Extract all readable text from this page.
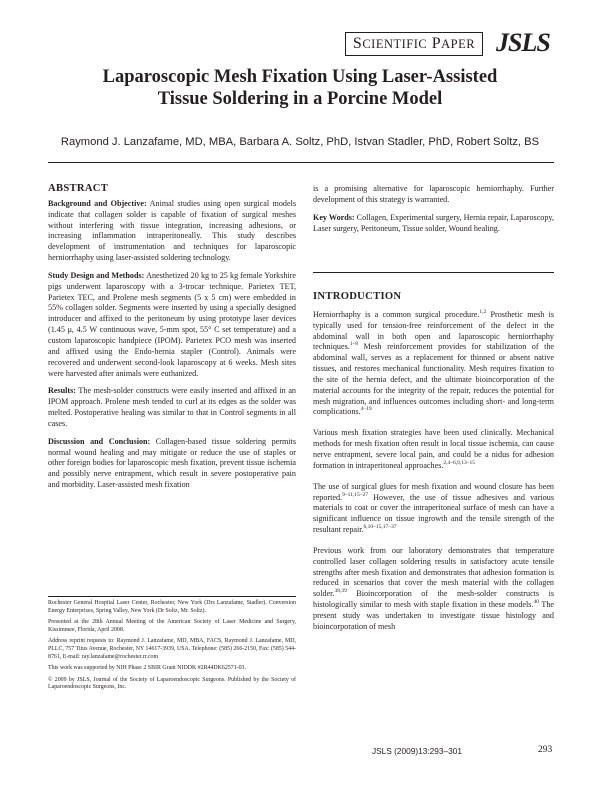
SCIENTIFIC PAPER JSLS
Laparoscopic Mesh Fixation Using Laser-Assisted
Tissue Soldering in a Porcine Model
Raymond J. Lanzafame, MD, MBA, Barbara A. Soltz, PhD, Istvan Stadler, PhD, Robert Soltz, BS
ABSTRACT

Background and Objective: Animal studies using open surgical models indicate that collagen solder is capable of fixation of surgical meshes without interfering with tissue integration, increasing adhesions, or increasing inflammation intraperitoneally. This study describes development of instrumentation and techniques for laparoscopic herniorrhaphy using laser-assisted soldering technology.

Study Design and Methods: Anesthetized 20 kg to 25 kg female Yorkshire pigs underwent laparoscopy with a 3-trocar technique. Parietex TET, Parietex TEC, and Prolene mesh segments (5 x 5 cm) were embedded in 55% collagen solder. Segments were inserted by using a specially designed introducer and affixed to the peritoneum by using prototype laser devices (1.45 μ, 4.5 W continuous wave, 5-mm spot, 55° C set temperature) and a custom laparoscopic handpiece (IPOM). Parietex PCO mesh was inserted and affixed using the Endo-hernia stapler (Control). Animals were recovered and underwent second-look laparoscopy at 6 weeks. Mesh sites were harvested after animals were euthanized.

Results: The mesh-solder constructs were easily inserted and affixed in an IPOM approach. Prolene mesh tended to curl at its edges as the solder was melted. Postoperative healing was similar to that in Control segments in all cases.

Discussion and Conclusion: Collagen-based tissue soldering permits normal wound healing and may mitigate or reduce the use of staples or other foreign bodies for laparoscopic mesh fixation, prevent tissue ischemia and possibly nerve entrapment, which result in severe postoperative pain and morbidity. Laser-assisted mesh fixation

Rochester General Hospital Laser Center, Rochester, New York (Drs Lanzafame, Stadler). Conversion Energy Enterprises, Spring Valley, New York (Dr Soltz, Mr. Soltz).

Presented at the 28th Annual Meeting of the American Society of Laser Medicine and Surgery, Kissimmee, Florida, April 2008.

Address reprint requests to: Raymond J. Lanzafame, MD, MBA, FACS, Raymond J. Lanzafame, MD, PLLC, 757 Titus Avenue, Rochester, NY 14617-3939, USA. Telephone: (585) 266-2150, Fax: (585) 544-8761, E-mail: ray.lanzafame@rochester.rr.com

This work was supported by NIH Phase 2 SBIR Grant NIDDK #2R44DK62571-03.

© 2009 by JSLS, Journal of the Society of Laparoendoscopic Surgeons. Published by the Society of Laparoendoscopic Surgeons, Inc.

is a promising alternative for laparoscopic herniorrhaphy. Further development of this strategy is warranted.

Key Words: Collagen, Experimental surgery, Hernia repair, Laparoscopy, Laser surgery, Peritoneum, Tissue solder, Wound healing.

INTRODUCTION

Herniorrhaphy is a common surgical procedure.$^{1,2}$ Prosthetic mesh is typically used for tension-free reinforcement of the defect in the abdominal wall in both open and laparoscopic herniorrhaphy techniques.$^{1-8}$ Mesh reinforcement provides for stabilization of the abdominal wall, serves as a replacement for thinned or absent native tissues, and restores mechanical functionality. Mesh requires fixation to the site of the hernia defect, and the ultimate bioincorporation of the material accounts for the integrity of the repair, reduces the potential for mesh migration, and influences outcomes including short- and long-term complications.$^{4-19}$

Various mesh fixation strategies have been used clinically. Mechanical methods for mesh fixation often result in local tissue ischemia, can cause nerve entrapment, severe local pain, and could be a nidus for adhesion formation in intraperitoneal approaches.$^{2,4-6,9,13-15}$

The use of surgical glues for mesh fixation and wound closure has been reported.$^{9-11,15-27}$ However, the use of tissue adhesives and various materials to coat or cover the intraperitoneal surface of mesh can have a significant influence on tissue ingrowth and the tensile strength of the resultant repair.$^{6,10-15,17-37}$

Previous work from our laboratory demonstrates that temperature controlled laser collagen soldering results in satisfactory acute tensile strengths after mesh fixation and demonstrates that adhesion formation is reduced in scenarios that cover the mesh material with the collagen solder.$^{38,39}$ Bioincorporation of the mesh-solder constructs is histologically similar to mesh with staple fixation in these models.$^{40}$ The present study was undertaken to investigate tissue histology and bioincorporation of mesh

JSLS (2009)13:293–301	293
